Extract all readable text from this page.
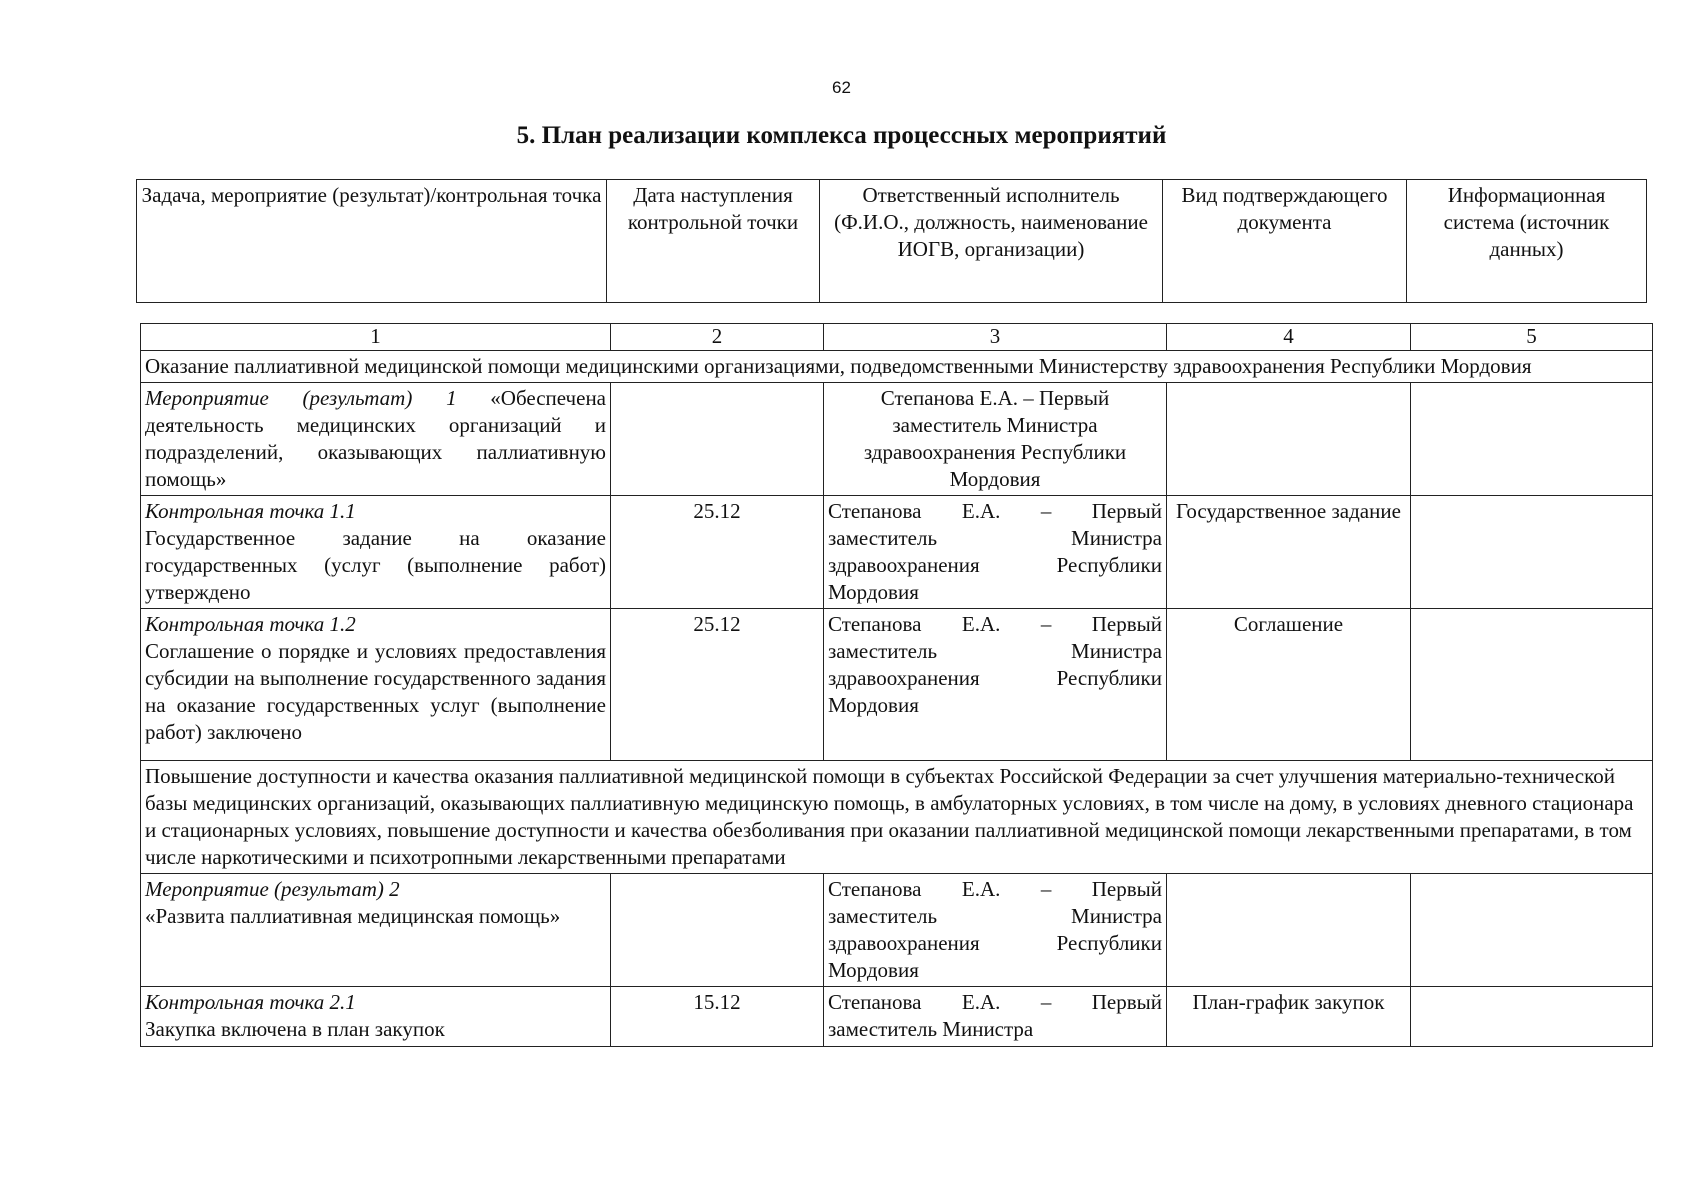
62
5. План реализации комплекса процессных мероприятий
Задача, мероприятие (результат)/контрольная точка	Дата наступления контрольной точки	Ответственный исполнитель (Ф.И.О., должность, наименование ИОГВ, организации)	Вид подтверждающего документа	Информационная система (источник данных)
1	2	3	4	5
Оказание паллиативной медицинской помощи медицинскими организациями, подведомственными Министерству здравоохранения Республики Мордовия				
Мероприятие (результат) 1 «Обеспечена деятельность медицинских организаций и подразделений, оказывающих паллиативную помощь»		Степанова Е.А. – Первый заместитель Министра здравоохранения Республики Мордовия		

Контрольная точка 1.1
Государственное задание на оказание государственных (услуг (выполнение работ) утверждено	25.12	Степанова Е.А. – Первый заместитель Министра здравоохранения Республики Мордовия	Государственное задание	

Контрольная точка 1.2
Соглашение о порядке и условиях предоставления субсидии на выполнение государственного задания на оказание государственных услуг (выполнение работ) заключено	25.12	Степанова Е.А. – Первый заместитель Министра здравоохранения Республики Мордовия	Соглашение	
Повышение доступности и качества оказания паллиативной медицинской помощи в субъектах Российской Федерации за счет улучшения материально-технической базы медицинских организаций, оказывающих паллиативную медицинскую помощь, в амбулаторных условиях, в том числе на дому, в условиях дневного стационара и стационарных условиях, повышение доступности и качества обезболивания при оказании паллиативной медицинской помощи лекарственными препаратами, в том числе наркотическими и психотропными лекарственными препаратами				

Мероприятие (результат) 2
«Развита паллиативная медицинская помощь»		Степанова Е.А. – Первый заместитель Министра здравоохранения Республики Мордовия		

Контрольная точка 2.1
Закупка включена в план закупок	15.12	Степанова Е.А. – Первый заместитель Министра	План-график закупок	
